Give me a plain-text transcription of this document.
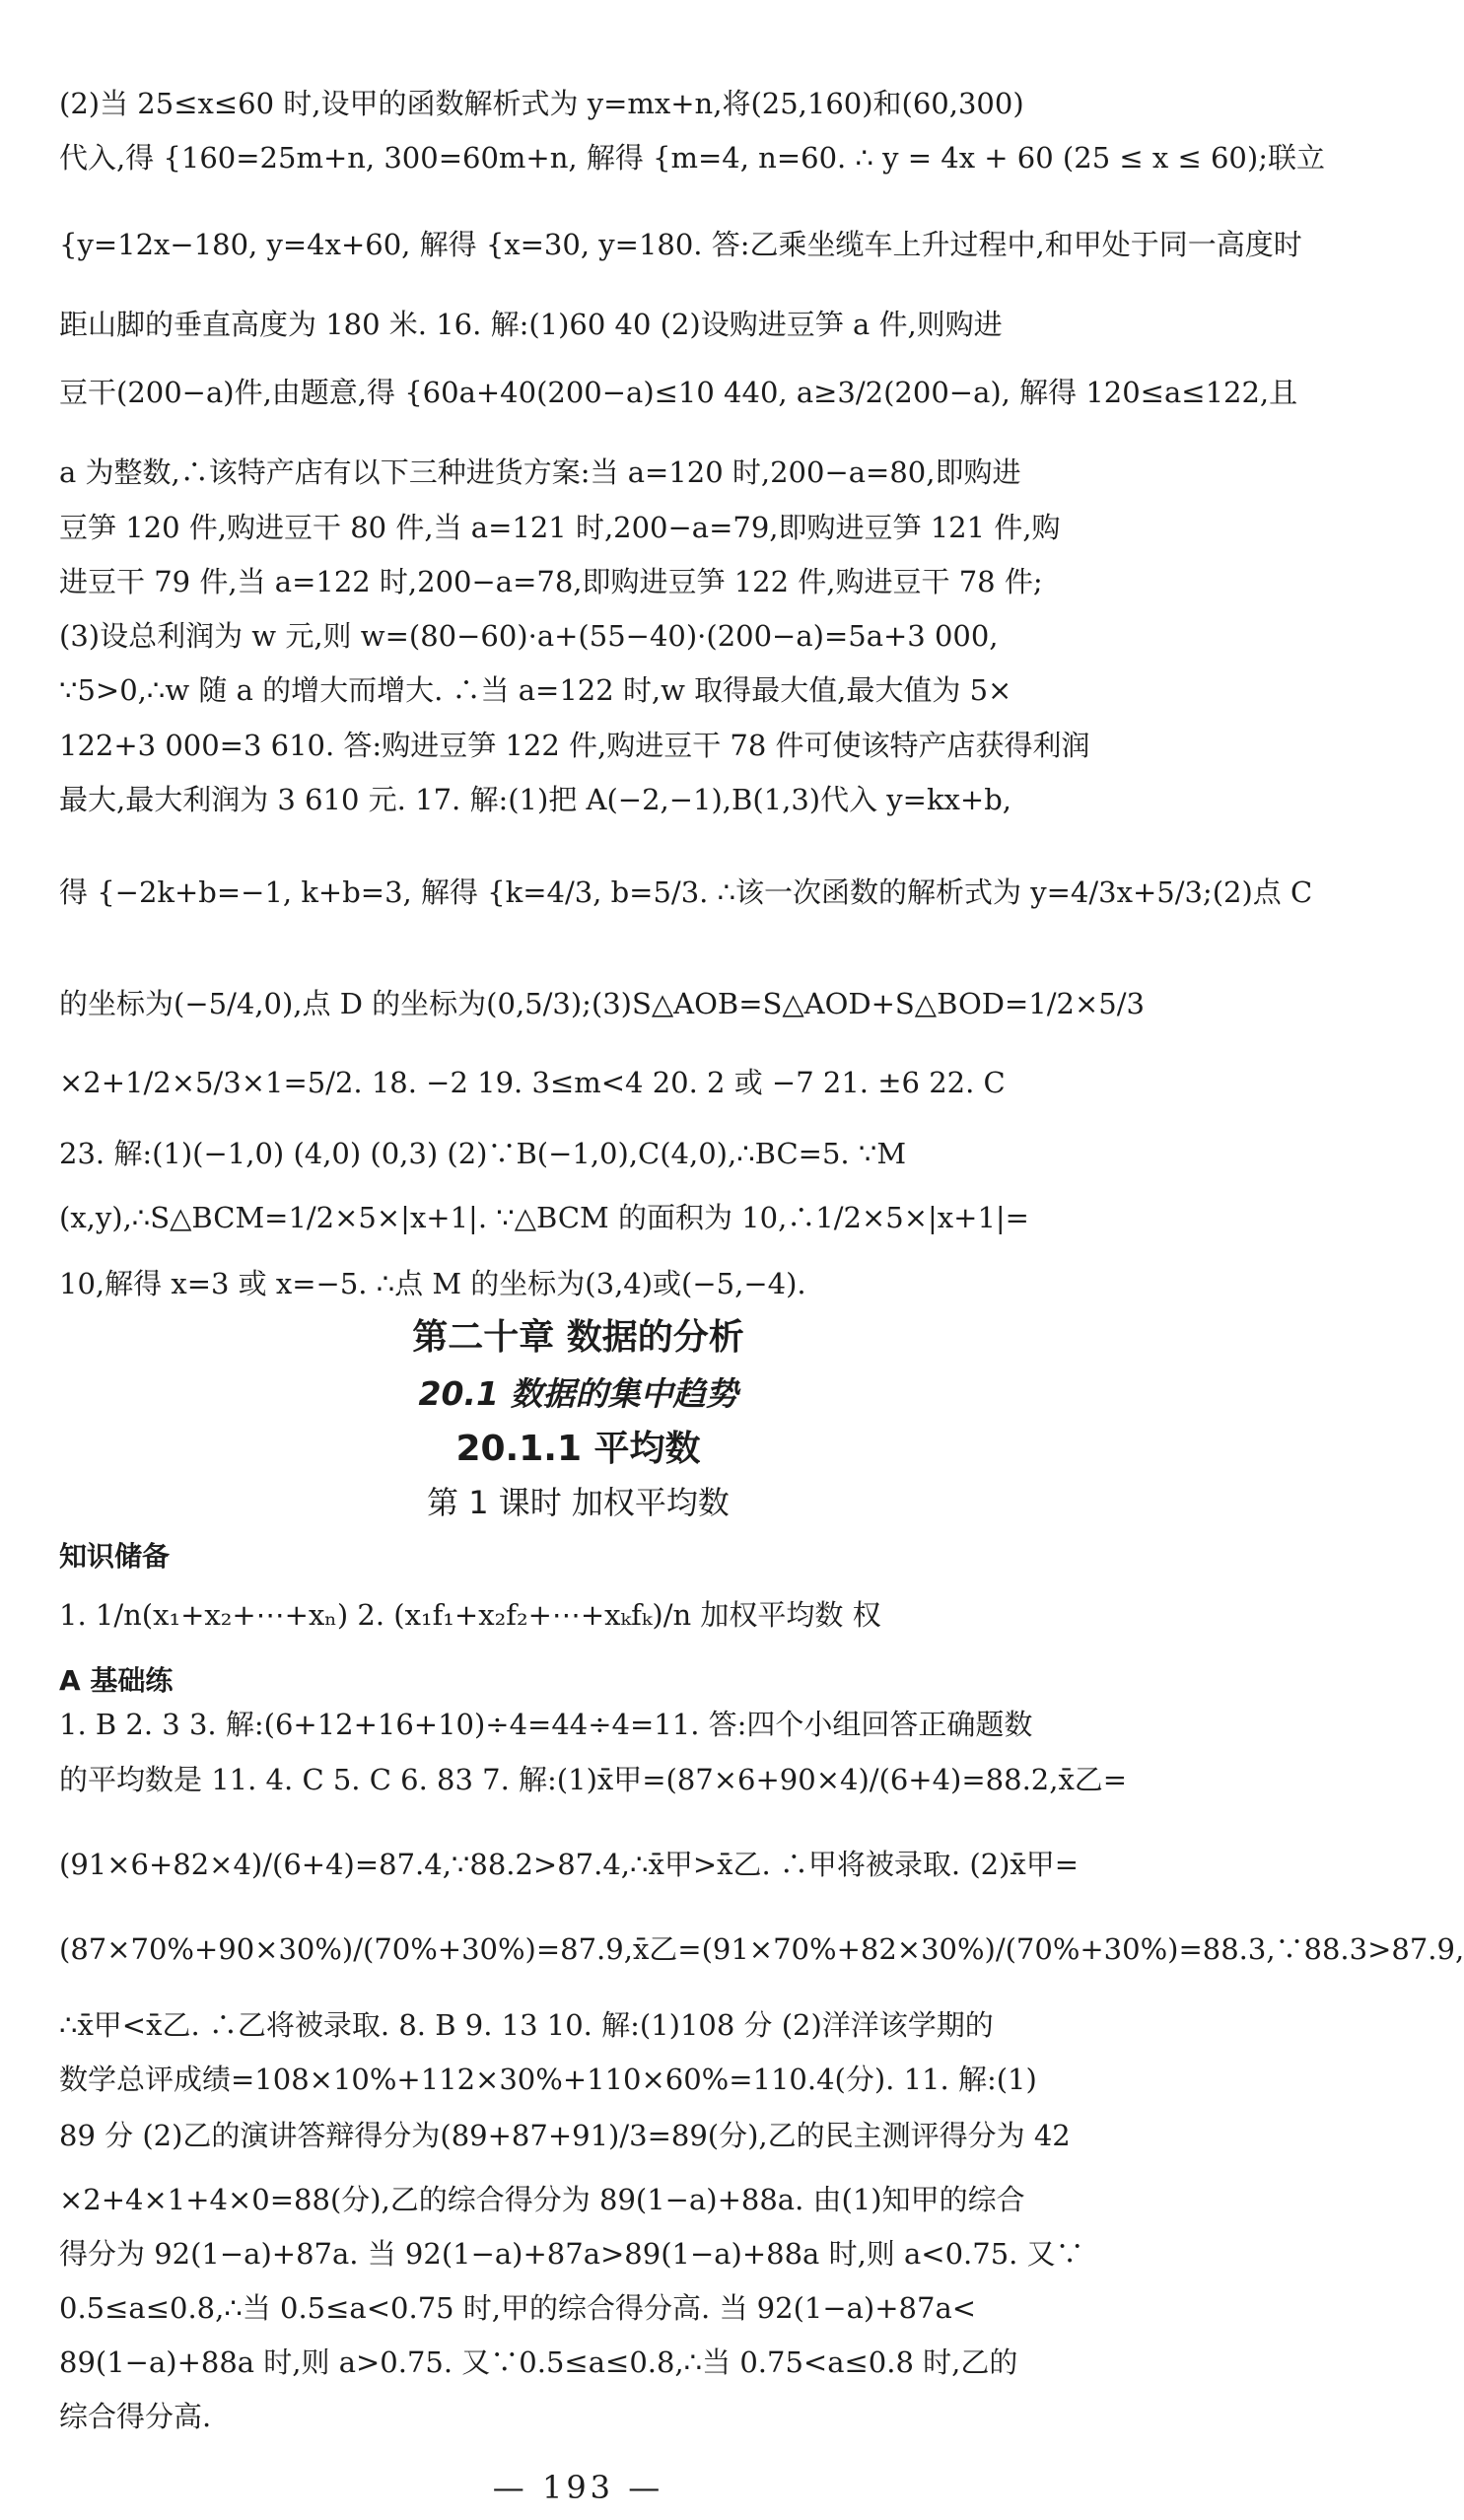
(2)当 25≤x≤60 时,设甲的函数解析式为 y=mx+n,将(25,160)和(60,300)
代入,得 {160=25m+n, 300=60m+n, 解得 {m=4, n=60. ∴ y = 4x + 60 (25 ≤ x ≤ 60);联立
{y=12x−180, y=4x+60, 解得 {x=30, y=180. 答:乙乘坐缆车上升过程中,和甲处于同一高度时
距山脚的垂直高度为 180 米. 16. 解:(1)60 40 (2)设购进豆笋 a 件,则购进
豆干(200−a)件,由题意,得 {60a+40(200−a)≤10 440, a≥3/2(200−a), 解得 120≤a≤122,且
a 为整数,∴该特产店有以下三种进货方案:当 a=120 时,200−a=80,即购进
豆笋 120 件,购进豆干 80 件,当 a=121 时,200−a=79,即购进豆笋 121 件,购
进豆干 79 件,当 a=122 时,200−a=78,即购进豆笋 122 件,购进豆干 78 件;
(3)设总利润为 w 元,则 w=(80−60)·a+(55−40)·(200−a)=5a+3 000,
∵5>0,∴w 随 a 的增大而增大. ∴当 a=122 时,w 取得最大值,最大值为 5×
122+3 000=3 610. 答:购进豆笋 122 件,购进豆干 78 件可使该特产店获得利润
最大,最大利润为 3 610 元. 17. 解:(1)把 A(−2,−1),B(1,3)代入 y=kx+b,
得 {−2k+b=−1, k+b=3, 解得 {k=4/3, b=5/3. ∴该一次函数的解析式为 y=4/3x+5/3;(2)点 C
的坐标为(−5/4,0),点 D 的坐标为(0,5/3);(3)S△AOB=S△AOD+S△BOD=1/2×5/3
×2+1/2×5/3×1=5/2. 18. −2 19. 3≤m<4 20. 2 或 −7 21. ±6 22. C
23. 解:(1)(−1,0) (4,0) (0,3) (2)∵B(−1,0),C(4,0),∴BC=5. ∵M
(x,y),∴S△BCM=1/2×5×|x+1|. ∵△BCM 的面积为 10,∴1/2×5×|x+1|=
10,解得 x=3 或 x=−5. ∴点 M 的坐标为(3,4)或(−5,−4).
第二十章 数据的分析
20.1 数据的集中趋势
20.1.1 平均数
第 1 课时 加权平均数
知识储备
1. 1/n(x₁+x₂+⋯+xₙ) 2. (x₁f₁+x₂f₂+⋯+xₖfₖ)/n 加权平均数 权
A 基础练
1. B 2. 3 3. 解:(6+12+16+10)÷4=44÷4=11. 答:四个小组回答正确题数
的平均数是 11. 4. C 5. C 6. 83 7. 解:(1)x̄甲=(87×6+90×4)/(6+4)=88.2,x̄乙=
(91×6+82×4)/(6+4)=87.4,∵88.2>87.4,∴x̄甲>x̄乙. ∴甲将被录取. (2)x̄甲=
(87×70%+90×30%)/(70%+30%)=87.9,x̄乙=(91×70%+82×30%)/(70%+30%)=88.3,∵88.3>87.9,
∴x̄甲<x̄乙. ∴乙将被录取. 8. B 9. 13 10. 解:(1)108 分 (2)洋洋该学期的
数学总评成绩=108×10%+112×30%+110×60%=110.4(分). 11. 解:(1)
89 分 (2)乙的演讲答辩得分为(89+87+91)/3=89(分),乙的民主测评得分为 42
×2+4×1+4×0=88(分),乙的综合得分为 89(1−a)+88a. 由(1)知甲的综合
得分为 92(1−a)+87a. 当 92(1−a)+87a>89(1−a)+88a 时,则 a<0.75. 又∵
0.5≤a≤0.8,∴当 0.5≤a<0.75 时,甲的综合得分高. 当 92(1−a)+87a<
89(1−a)+88a 时,则 a>0.75. 又∵0.5≤a≤0.8,∴当 0.75<a≤0.8 时,乙的
综合得分高.
— 193 —
